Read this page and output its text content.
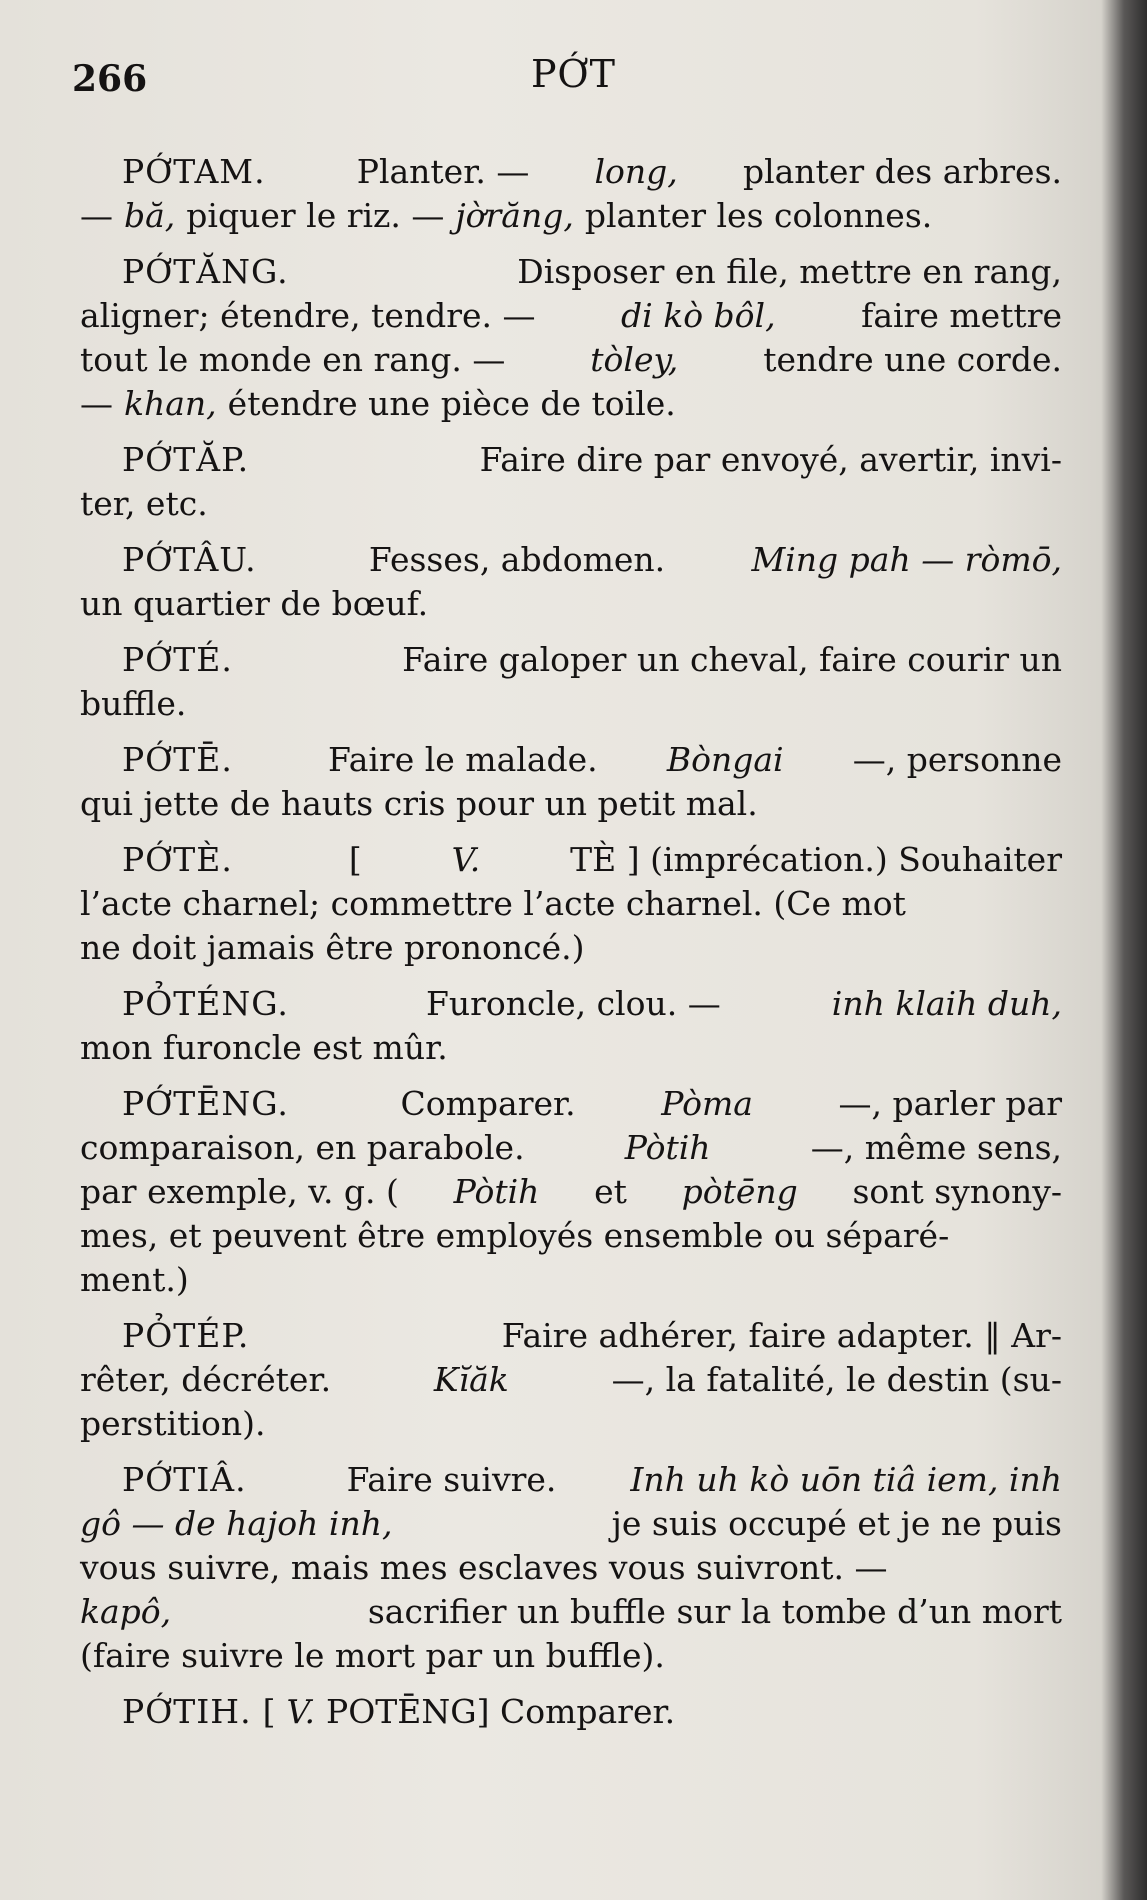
266	PỚT
PỚTAM.	Planter. — long, planter des arbres.
— bă, piquer le riz. — jờrăng, planter les colonnes.
PỚTĂNG.	Disposer en file, mettre en rang,
aligner; étendre, tendre. —	di kò bôl,	faire mettre
tout le monde en rang. —	tòley,	tendre une corde.
— khan, étendre une pièce de toile.
PỚTĂP.	Faire dire par envoyé, avertir, invi-
ter, etc.
PỚTÂU.	Fesses, abdomen.	Ming pah — ròmō,
un quartier de bœuf.
PỚTÉ.	Faire galoper un cheval, faire courir un
buffle.
PỚTĒ.	Faire le malade. Bòngai —, personne
qui jette de hauts cris pour un petit mal.
PỚTÈ.	[	V.	TÈ ] (imprécation.) Souhaiter
l’acte charnel; commettre l’acte charnel. (Ce mot
ne doit jamais être prononcé.)
PỎTÉNG.	Furoncle, clou. —	inh klaih duh,
mon furoncle est mûr.
PỚTĒNG.	Comparer.	Pòma	—, parler par
comparaison, en parabole.	Pòtih	—, même sens,
par exemple, v. g. ( Pòtih et pòtēng sont synony-
mes, et peuvent être employés ensemble ou séparé-
ment.)
PỎTÉP.	Faire adhérer, faire adapter. ‖ Ar-
rêter, décréter.	Kĭăk	—, la fatalité, le destin (su-
perstition).
PỚTIÂ.	Faire suivre. Inh uh kò uōn tiâ iem, inh
gô — de hajoh inh,	je suis occupé et je ne puis
vous suivre, mais mes esclaves vous suivront. —
kapô,	sacrifier un buffle sur la tombe d’un mort
(faire suivre le mort par un buffle).
PỚTIH. [ V. POTĒNG] Comparer.
